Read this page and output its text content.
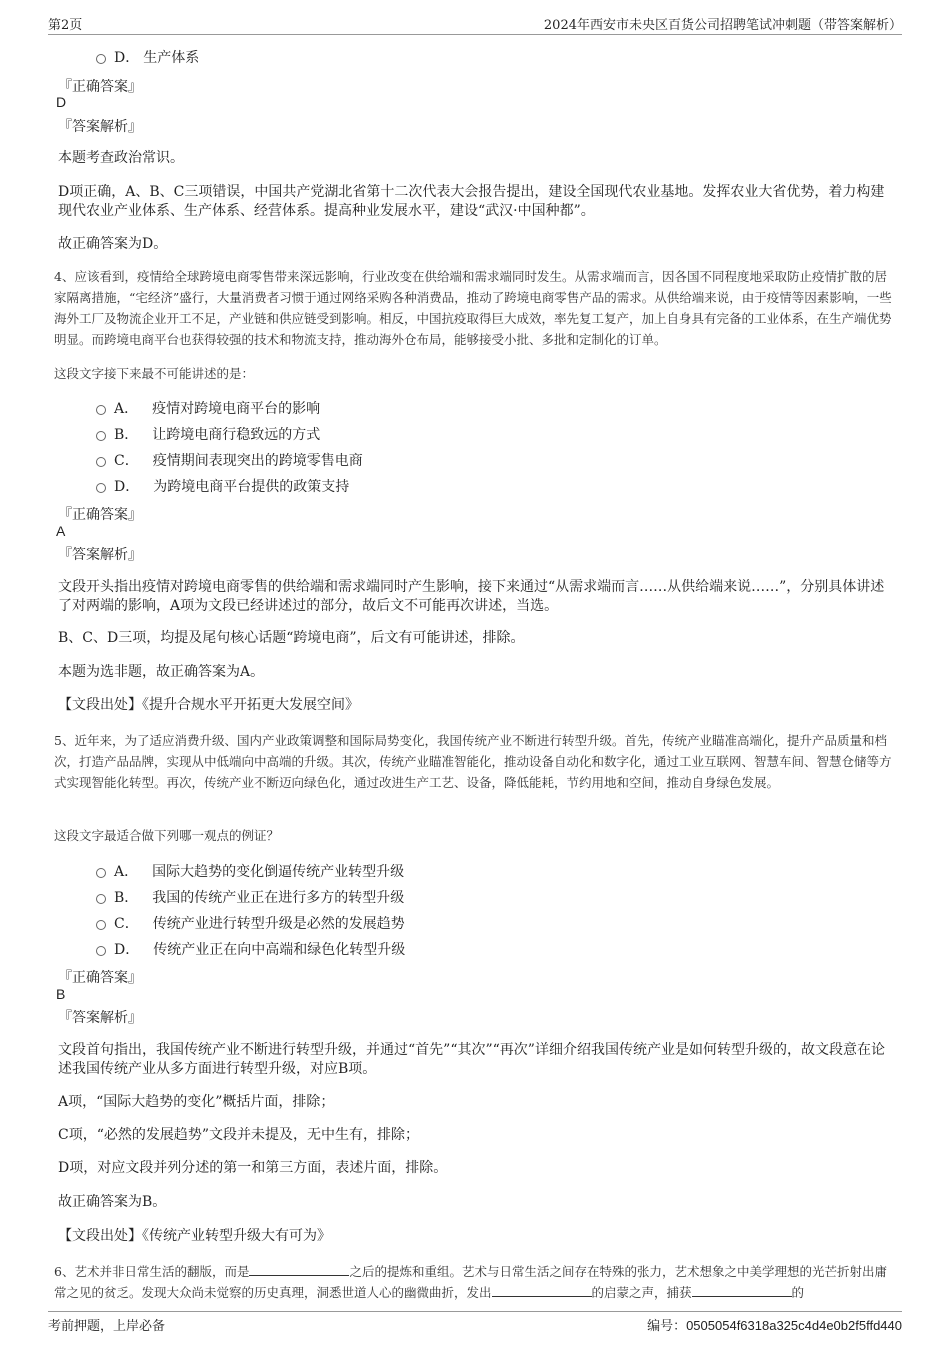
第2页	2024年西安市未央区百货公司招聘笔试冲刺题（带答案解析）
D． 生产体系
『正确答案』
D
『答案解析』

本题考查政治常识。

D项正确，A、B、C三项错误，中国共产党湖北省第十二次代表大会报告提出，建设全国现代农业基地。发挥农业大省优势，着力构建现代农业产业体系、生产体系、经营体系。提高种业发展水平，建设“武汉·中国种都”。

故正确答案为D。

4、应该看到，疫情给全球跨境电商零售带来深远影响，行业改变在供给端和需求端同时发生。从需求端而言，因各国不同程度地采取防止疫情扩散的居家隔离措施，“宅经济”盛行，大量消费者习惯于通过网络采购各种消费品，推动了跨境电商零售产品的需求。从供给端来说，由于疫情等因素影响，一些海外工厂及物流企业开工不足，产业链和供应链受到影响。相反，中国抗疫取得巨大成效，率先复工复产，加上自身具有完备的工业体系，在生产端优势明显。而跨境电商平台也获得较强的技术和物流支持，推动海外仓布局，能够接受小批、多批和定制化的订单。

这段文字接下来最不可能讲述的是：

A． 疫情对跨境电商平台的影响
B． 让跨境电商行稳致远的方式
C． 疫情期间表现突出的跨境零售电商
D． 为跨境电商平台提供的政策支持
『正确答案』
A
『答案解析』

文段开头指出疫情对跨境电商零售的供给端和需求端同时产生影响，接下来通过“从需求端而言……从供给端来说……”，分别具体讲述了对两端的影响，A项为文段已经讲述过的部分，故后文不可能再次讲述，当选。

B、C、D三项，均提及尾句核心话题“跨境电商”，后文有可能讲述，排除。

本题为选非题，故正确答案为A。

【文段出处】《提升合规水平开拓更大发展空间》

5、近年来，为了适应消费升级、国内产业政策调整和国际局势变化，我国传统产业不断进行转型升级。首先，传统产业瞄准高端化，提升产品质量和档次，打造产品品牌，实现从中低端向中高端的升级。其次，传统产业瞄准智能化，推动设备自动化和数字化，通过工业互联网、智慧车间、智慧仓储等方式实现智能化转型。再次，传统产业不断迈向绿色化，通过改进生产工艺、设备，降低能耗，节约用地和空间，推动自身绿色发展。

这段文字最适合做下列哪一观点的例证？

A． 国际大趋势的变化倒逼传统产业转型升级
B． 我国的传统产业正在进行多方的转型升级
C． 传统产业进行转型升级是必然的发展趋势
D． 传统产业正在向中高端和绿色化转型升级
『正确答案』
B
『答案解析』

文段首句指出，我国传统产业不断进行转型升级，并通过“首先”“其次”“再次”详细介绍我国传统产业是如何转型升级的，故文段意在论述我国传统产业从多方面进行转型升级，对应B项。

A项，“国际大趋势的变化”概括片面，排除；

C项，“必然的发展趋势”文段并未提及，无中生有，排除；

D项，对应文段并列分述的第一和第三方面，表述片面，排除。

故正确答案为B。

【文段出处】《传统产业转型升级大有可为》

6、艺术并非日常生活的翻版，而是	之后的提炼和重组。艺术与日常生活之间存在特殊的张力，艺术想象之中美学理想的光芒折射出庸常之见的贫乏。发现大众尚未觉察的历史真理，洞悉世道人心的幽微曲折，发出	的启蒙之声，捕获	的

考前押题，上岸必备	编号：0505054f6318a325c4d4e0b2f5ffd440
